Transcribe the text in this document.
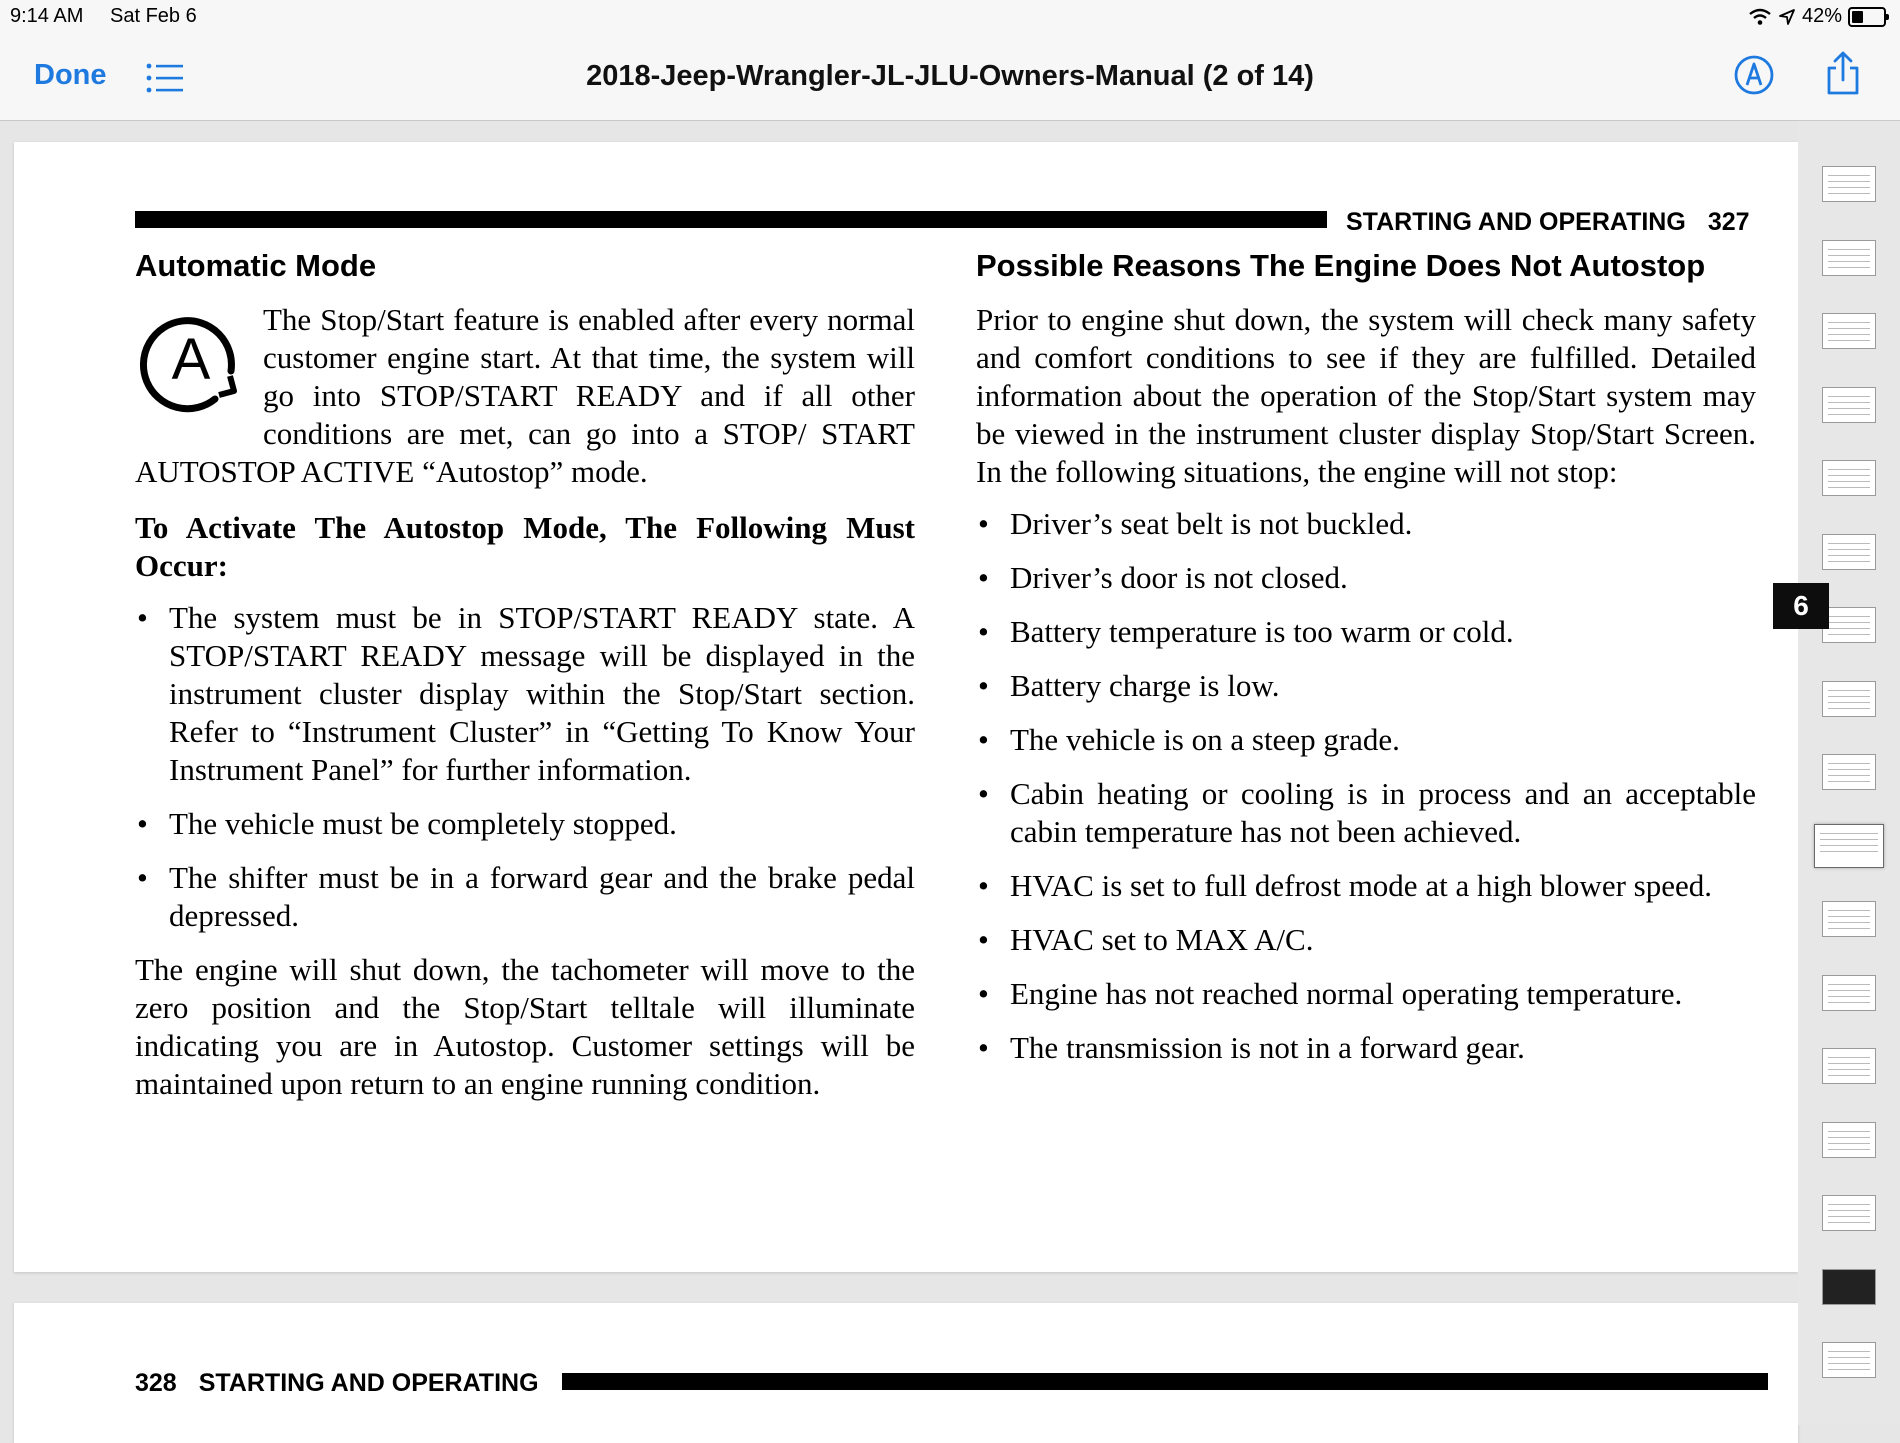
9:14 AM Sat Feb 6	42%
Done	2018-Jeep-Wrangler-JL-JLU-Owners-Manual (2 of 14)
STARTING AND OPERATING 327
Automatic Mode
A

The Stop/Start feature is enabled after every normal customer engine start. At that time, the system will go into STOP/START READY and if all other conditions are met, can go into a STOP/ START AUTOSTOP ACTIVE “Autostop” mode.

To Activate The Autostop Mode, The Following Must Occur:

• The system must be in STOP/START READY state. A STOP/START READY message will be displayed in the instrument cluster display within the Stop/Start section. Refer to “Instrument Cluster” in “Getting To Know Your Instrument Panel” for further information.
• The vehicle must be completely stopped.
• The shifter must be in a forward gear and the brake pedal depressed.

The engine will shut down, the tachometer will move to the zero position and the Stop/Start telltale will illuminate indicating you are in Autostop. Customer settings will be maintained upon return to an engine running condition.

Possible Reasons The Engine Does Not Autostop

Prior to engine shut down, the system will check many safety and comfort conditions to see if they are fulfilled. Detailed information about the operation of the Stop/Start system may be viewed in the instrument cluster display Stop/Start Screen. In the following situations, the engine will not stop:

• Driver’s seat belt is not buckled.
• Driver’s door is not closed.
• Battery temperature is too warm or cold.
• Battery charge is low.
• The vehicle is on a steep grade.
• Cabin heating or cooling is in process and an acceptable cabin temperature has not been achieved.
• HVAC is set to full defrost mode at a high blower speed.
• HVAC set to MAX A/C.
• Engine has not reached normal operating temperature.
• The transmission is not in a forward gear.
328 STARTING AND OPERATING
6
